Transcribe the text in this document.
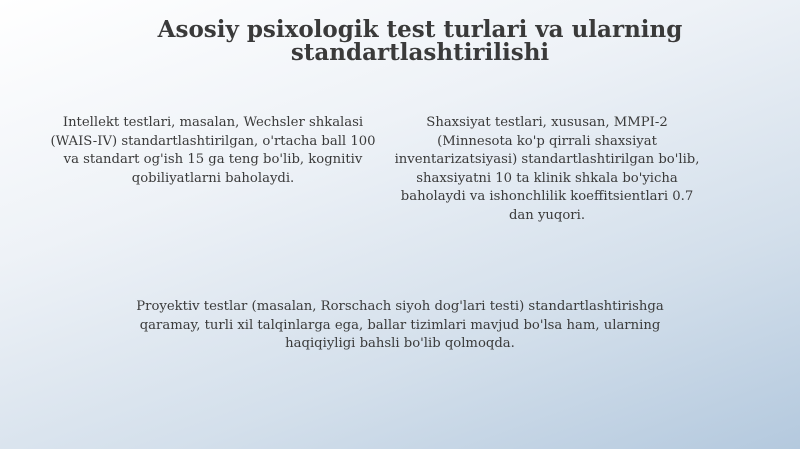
Asosiy psixologik test turlari va ularning standartlashtirilishi

Intellekt testlari, masalan, Wechsler shkalasi (WAIS-IV) standartlashtirilgan, o'rtacha ball 100 va standart og'ish 15 ga teng bo'lib, kognitiv qobiliyatlarni baholaydi.

Shaxsiyat testlari, xususan, MMPI-2 (Minnesota ko'p qirrali shaxsiyat inventarizatsiyasi) standartlashtirilgan bo'lib, shaxsiyatni 10 ta klinik shkala bo'yicha baholaydi va ishonchlilik koeffitsientlari 0.7 dan yuqori.

Proyektiv testlar (masalan, Rorschach siyoh dog'lari testi) standartlashtirishga qaramay, turli xil talqinlarga ega, ballar tizimlari mavjud bo'lsa ham, ularning haqiqiyligi bahsli bo'lib qolmoqda.
